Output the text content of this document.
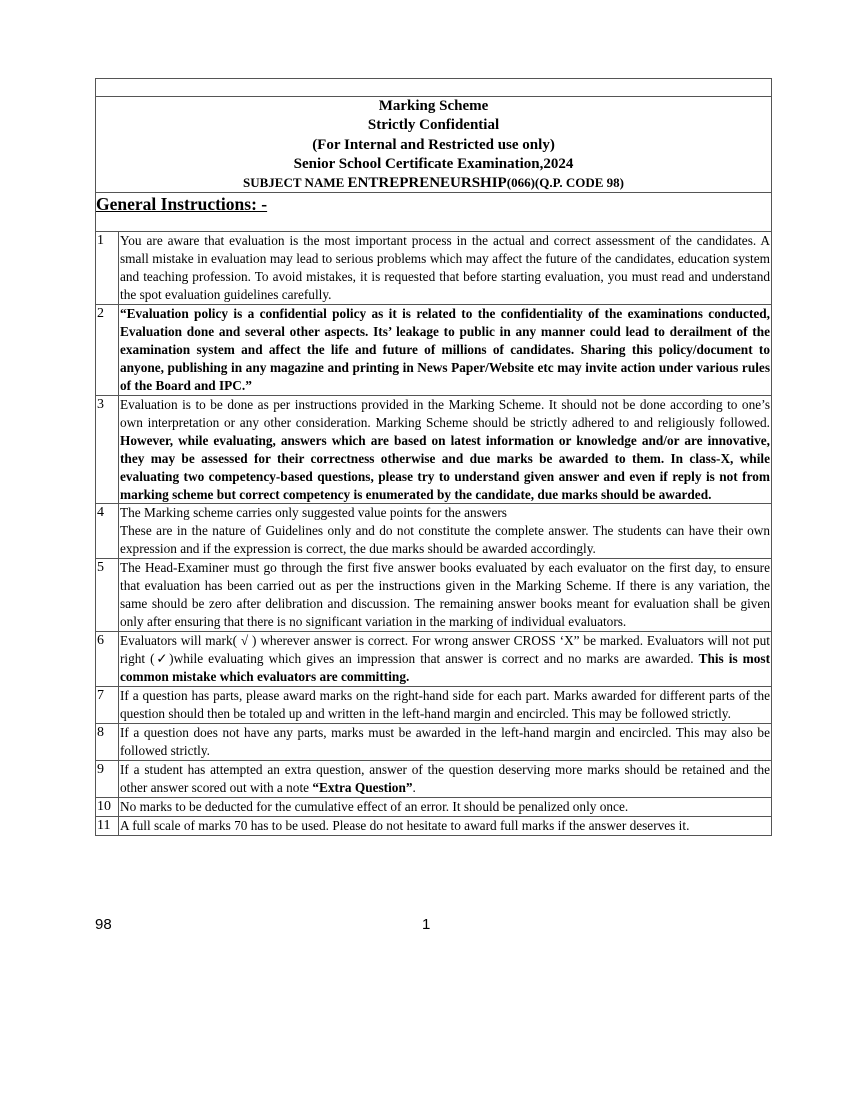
Marking Scheme
Strictly Confidential
(For Internal and Restricted use only)
Senior School Certificate Examination,2024
SUBJECT NAME ENTREPRENEURSHIP(066)(Q.P. CODE 98)	

General Instructions: -	

1	You are aware that evaluation is the most important process in the actual and correct assessment of the candidates. A small mistake in evaluation may lead to serious problems which may affect the future of the candidates, education system and teaching profession. To avoid mistakes, it is requested that before starting evaluation, you must read and understand the spot evaluation guidelines carefully.
2	“Evaluation policy is a confidential policy as it is related to the confidentiality of the examinations conducted, Evaluation done and several other aspects. Its’ leakage to public in any manner could lead to derailment of the examination system and affect the life and future of millions of candidates. Sharing this policy/document to anyone, publishing in any magazine and printing in News Paper/Website etc may invite action under various rules of the Board and IPC.”
3	Evaluation is to be done as per instructions provided in the Marking Scheme. It should not be done according to one’s own interpretation or any other consideration. Marking Scheme should be strictly adhered to and religiously followed. However, while evaluating, answers which are based on latest information or knowledge and/or are innovative, they may be assessed for their correctness otherwise and due marks be awarded to them. In class-X, while evaluating two competency-based questions, please try to understand given answer and even if reply is not from marking scheme but correct competency is enumerated by the candidate, due marks should be awarded.
4	The Marking scheme carries only suggested value points for the answers
These are in the nature of Guidelines only and do not constitute the complete answer. The students can have their own expression and if the expression is correct, the due marks should be awarded accordingly.

5	The Head-Examiner must go through the first five answer books evaluated by each evaluator on the first day, to ensure that evaluation has been carried out as per the instructions given in the Marking Scheme. If there is any variation, the same should be zero after delibration and discussion. The remaining answer books meant for evaluation shall be given only after ensuring that there is no significant variation in the marking of individual evaluators.
6	Evaluators will mark( √ ) wherever answer is correct. For wrong answer CROSS ‘X” be marked. Evaluators will not put right (✓)while evaluating which gives an impression that answer is correct and no marks are awarded. This is most common mistake which evaluators are committing.
7	If a question has parts, please award marks on the right-hand side for each part. Marks awarded for different parts of the question should then be totaled up and written in the left-hand margin and encircled. This may be followed strictly.
8	If a question does not have any parts, marks must be awarded in the left-hand margin and encircled. This may also be followed strictly.
9	If a student has attempted an extra question, answer of the question deserving more marks should be retained and the other answer scored out with a note “Extra Question”.
10	No marks to be deducted for the cumulative effect of an error. It should be penalized only once.
11	A full scale of marks 70 has to be used. Please do not hesitate to award full marks if the answer deserves it.
98	1
